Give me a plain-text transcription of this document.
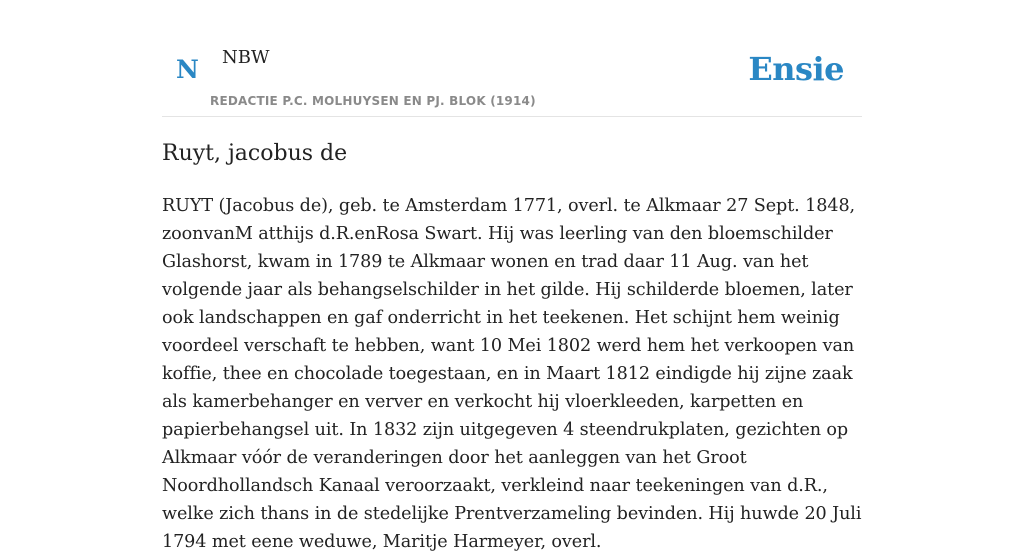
N NBW
REDACTIE P.C. MOLHUYSEN EN PJ. BLOK (1914)
Ensie
Ruyt, jacobus de

RUYT (Jacobus de), geb. te Amsterdam 1771, overl. te Alkmaar 27 Sept. 1848, zoonvanM atthijs d.R.enRosa Swart. Hij was leerling van den bloemschilder Glashorst, kwam in 1789 te Alkmaar wonen en trad daar 11 Aug. van het volgende jaar als behangselschilder in het gilde. Hij schilderde bloemen, later ook landschappen en gaf onderricht in het teekenen. Het schijnt hem weinig voordeel verschaft te hebben, want 10 Mei 1802 werd hem het verkoopen van koffie, thee en chocolade toegestaan, en in Maart 1812 eindigde hij zijne zaak als kamerbehanger en verver en verkocht hij vloerkleeden, karpetten en papierbehangsel uit. In 1832 zijn uitgegeven 4 steendrukplaten, gezichten op Alkmaar vóór de veranderingen door het aanleggen van het Groot Noordhollandsch Kanaal veroorzaakt, verkleind naar teekeningen van d.R., welke zich thans in de stedelijke Prentverzameling bevinden. Hij huwde 20 Juli 1794 met eene weduwe, Maritje Harmeyer, overl.
